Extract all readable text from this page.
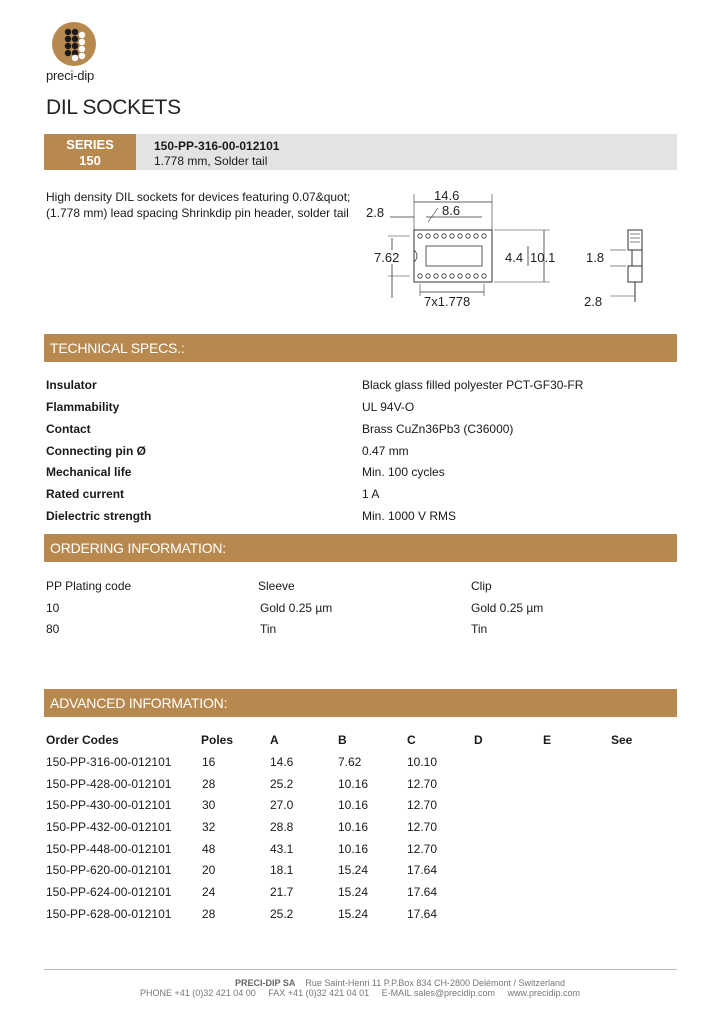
preci-dip
DIL SOCKETS
SERIES
150
150-PP-316-00-012101
1.778 mm, Solder tail
High density DIL sockets for devices featuring 0.07&quot; (1.778 mm) lead spacing Shrinkdip pin header, solder tail
14.6
8.6
2.8
7.62	4.4 10.1
7x1.778
1.8
2.8
TECHNICAL SPECS.:
Insulator	Black glass filled polyester PCT-GF30-FR
Flammability	UL 94V-O
Contact	Brass CuZn36Pb3 (C36000)
Connecting pin Ø	0.47 mm
Mechanical life	Min. 100 cycles
Rated current	1 A
Dielectric strength	Min. 1000 V RMS
ORDERING INFORMATION:
PP Plating code	Sleeve	Clip
10	Gold 0.25 µm	Gold 0.25 µm
80	Tin	Tin
ADVANCED INFORMATION:
Order Codes	Poles	A	B	C	D	E	See
150-PP-316-00-012101	16	14.6	7.62	10.10
150-PP-428-00-012101	28	25.2	10.16	12.70
150-PP-430-00-012101	30	27.0	10.16	12.70
150-PP-432-00-012101	32	28.8	10.16	12.70
150-PP-448-00-012101	48	43.1	10.16	12.70
150-PP-620-00-012101	20	18.1	15.24	17.64
150-PP-624-00-012101	24	21.7	15.24	17.64
150-PP-628-00-012101	28	25.2	15.24	17.64
PRECI-DIP SA Rue Saint-Henri 11 P.P.Box 834 CH-2800 Delémont / Switzerland
PHONE +41 (0)32 421 04 00 FAX +41 (0)32 421 04 01 E-MAIL sales@precidip.com www.precidip.com
